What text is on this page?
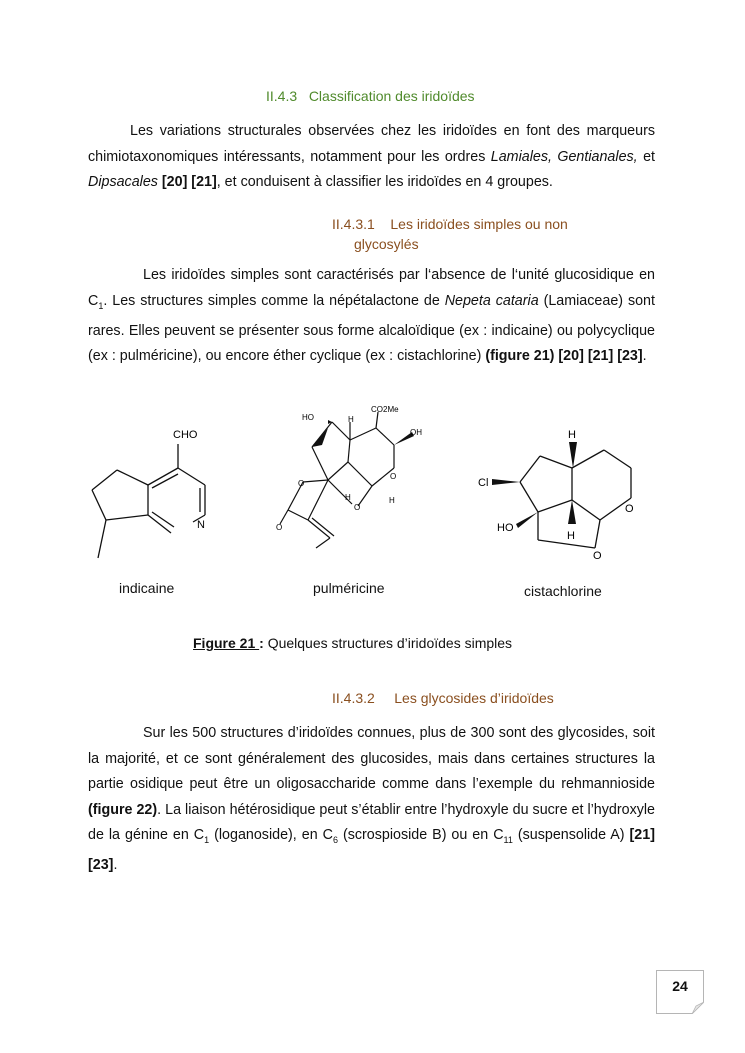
II.4.3 Classification des iridoïdes

Les variations structurales observées chez les iridoïdes en font des marqueurs chimiotaxonomiques intéressants, notamment pour les ordres Lamiales, Gentianales, et Dipsacales [20] [21], et conduisent à classifier les iridoïdes en 4 groupes.

II.4.3.1 Les iridoïdes simples ou non
glycosylés

Les iridoïdes simples sont caractérisés par l‘absence de l‘unité glucosidique en $C_1$. Les structures simples comme la népétalactone de Nepeta cataria (Lamiaceae) sont rares. Elles peuvent se présenter sous forme alcaloïdique (ex : indicaine) ou polycyclique (ex : pulméricine), ou encore éther cyclique (ex : cistachlorine) (figure 21) [20] [21] [23].

CHO
N
HO	H
CO2Me
OH
O
O
O
H	H
O
H
Cl
HO
H
O
O
indicaine	pulméricine	cistachlorine
Figure 21 : Quelques structures d’iridoïdes simples
II.4.3.2 Les glycosides d’iridoïdes

Sur les 500 structures d’iridoïdes connues, plus de 300 sont des glycosides, soit la majorité, et ce sont généralement des glucosides, mais dans certaines structures la partie osidique peut être un oligosaccharide comme dans l’exemple du rehmannioside (figure 22). La liaison hétérosidique peut s’établir entre l’hydroxyle du sucre et l’hydroxyle de la génine en $C_1$ (loganoside), en $C_6$ (scrospioside B) ou en $C_{11}$ (suspensolide A) [21] [23].

24
